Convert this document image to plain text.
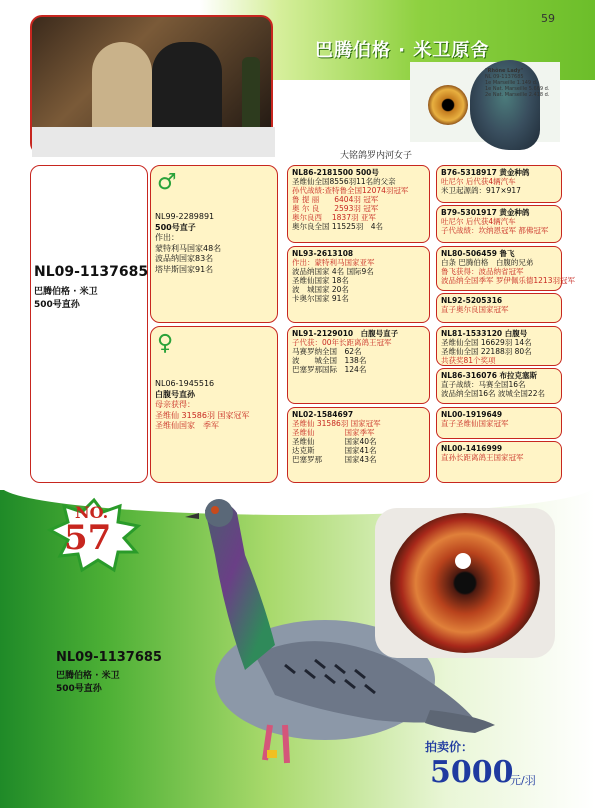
59
巴腾伯格 · 米卫原舍
"Rhône Lady"
NL 09-1137685
1e Marseille 1.149 d.
1e Nat. Marseille 5.669 d.
2e Nat. Marseille 2.418 d.
大铭鸽罗内河女子
NL09-1137685
巴腾伯格 · 米卫
500号直孙
♂
NL99-2289891
500号直子
作出：
蒙特利马国家48名
波品纳国家83名
塔毕斯国家91名
♀
NL06-1945516
白腹号直孙
母亲获得：
圣维仙 31586羽 国家冠军
圣维仙国家　季军
NL86-2181500 500号
圣维仙全国8556羽11名的父亲
孙代战绩:查特鲁全国12074羽冠军
鲁 提 丽　　6404羽 冠军
奥 尔 良　　2593羽 冠军
奥尔良西　 1837羽 亚军
奥尔良全国 11525羽　4名
NL93-2613108
作出：蒙特利马国家亚军
波品纳国家 4名 国际9名
圣维仙国家 18名
波　城国家 20名
卡奥尔国家 91名
NL91-2129010　白腹号直子
子代获：00年长距离鸽王冠军
马赛罗纳全国　62名
波　　城全国　138名
巴塞罗那国际　124名
NL02-1584697
圣维仙 31586羽 国家冠军
圣维仙　　　　国家季军
圣维仙　　　　国家40名
达克斯　　　　国家41名
巴塞罗那　　　国家43名
B76-5318917 黄金种鸽
吐尼尔 后代获4辆汽车
米卫起源鸽：917×917
B79-5301917 黄金种鸽
吐尼尔 后代获4辆汽车
子代战绩：坎纳恩冠军 都佛冠军
NL80-506459 鲁飞
白条 巴腾伯格　白腹的兄弟
鲁飞获得：波品纳省冠军
波品纳全国季军 罗伊佩乐德1213羽冠军
NL92-5205316
直子奥尔良国家冠军
NL81-1533120 白腹号
圣维仙全国 16629羽 14名
圣维仙全国 22188羽 80名
共获奖81个奖项
NL86-316076 布拉克塞斯
直子战绩：马赛全国16名
波品纳全国16名 波城全国22名
NL00-1919649
直子圣维仙国家冠军
NL00-1416999
直孙长距离鸽王国家冠军
NO.
57
NL09-1137685
巴腾伯格 · 米卫
500号直孙
拍卖价：
5000
元/羽
